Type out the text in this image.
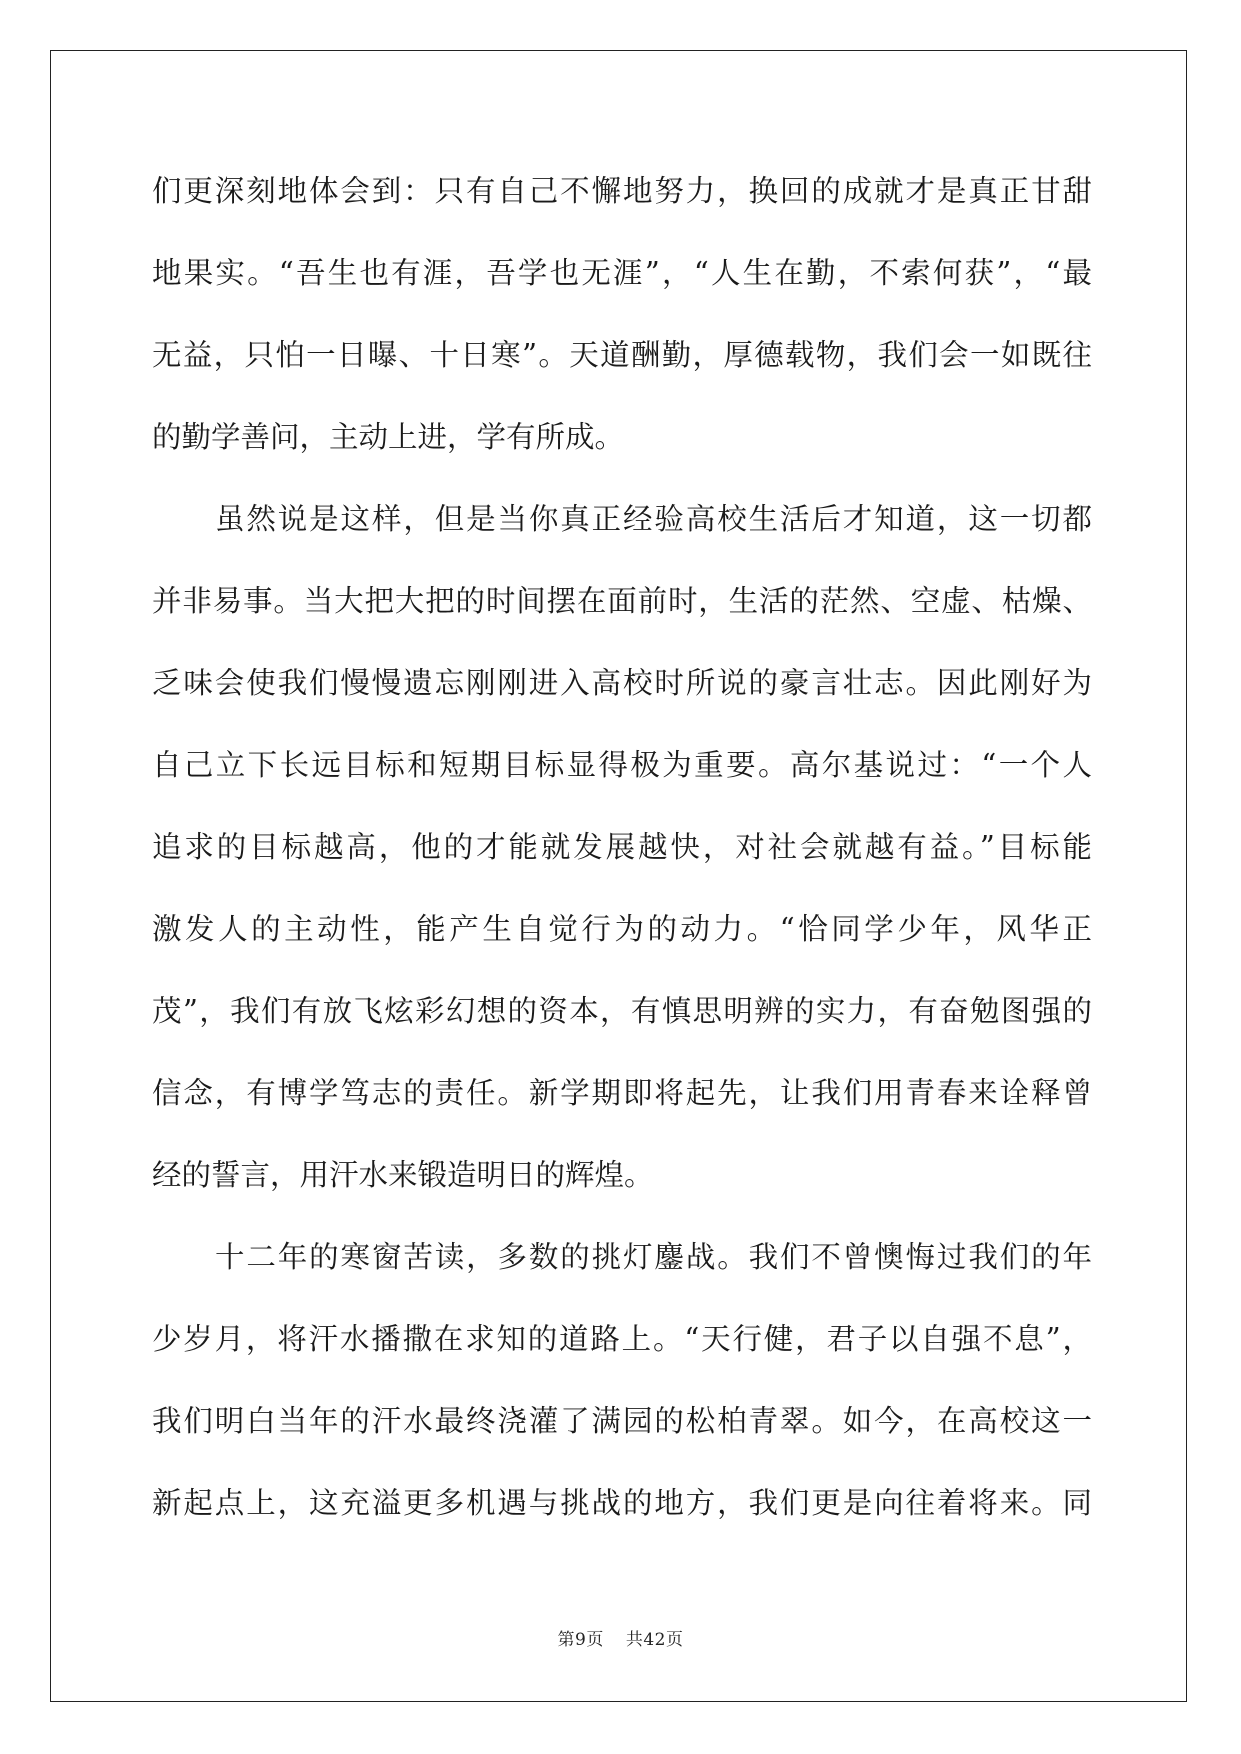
们更深刻地体会到：只有自己不懈地努力，换回的成就才是真正甘甜
地果实。“吾生也有涯，吾学也无涯”，“人生在勤，不索何获”，“最
无益，只怕一日曝、十日寒”。天道酬勤，厚德载物，我们会一如既往
的勤学善问，主动上进，学有所成。
虽然说是这样，但是当你真正经验高校生活后才知道，这一切都
并非易事。当大把大把的时间摆在面前时，生活的茫然、空虚、枯燥、
乏味会使我们慢慢遗忘刚刚进入高校时所说的豪言壮志。因此刚好为
自己立下长远目标和短期目标显得极为重要。高尔基说过：“一个人
追求的目标越高，他的才能就发展越快，对社会就越有益。”目标能
激发人的主动性，能产生自觉行为的动力。“恰同学少年，风华正
茂”，我们有放飞炫彩幻想的资本，有慎思明辨的实力，有奋勉图强的
信念，有博学笃志的责任。新学期即将起先，让我们用青春来诠释曾
经的誓言，用汗水来锻造明日的辉煌。
十二年的寒窗苦读，多数的挑灯鏖战。我们不曾懊悔过我们的年
少岁月，将汗水播撒在求知的道路上。“天行健，君子以自强不息”，
我们明白当年的汗水最终浇灌了满园的松柏青翠。如今，在高校这一
新起点上，这充溢更多机遇与挑战的地方，我们更是向往着将来。同
第9页 共42页
